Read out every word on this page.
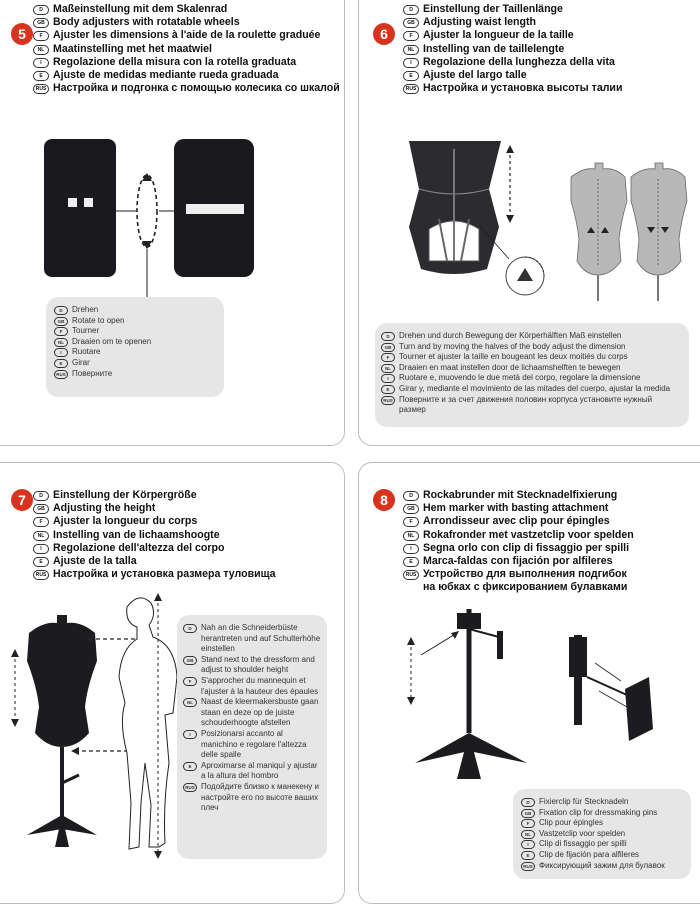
5
D Maßeinstellung mit dem Skalenrad
GB Body adjusters with rotatable wheels
F Ajuster les dimensions à l'aide de la roulette graduée
NL Maatinstelling met het maatwiel
I	Regolazione della misura con la rotella graduata
E Ajuste de medidas mediante rueda graduada
RUS Настройка и подгонка с помощью колесика со шкалой
D	Drehen
GB Rotate to open
F	Tourner
NL	Draaien om te openen
I	Ruotare
E	Girar
RUS Поверните
6
D Einstellung der Taillenlänge
GB Adjusting waist length
F Ajuster la longueur de la taille
NL Instelling van de taillelengte
I	Regolazione della lunghezza della vita
E Ajuste del largo talle
RUS Настройка и установка высоты талии
D	Drehen und durch Bewegung der Körperhälften Maß einstellen
GB Turn and by moving the halves of the body adjust the dimension
F	Tourner et ajuster la taille en bougeant les deux moitiés du corps
NL	Draaien en maat instellen door de lichaamshelften te bewegen
I	Ruotare e, muovendo le due metà del corpo, regolare la dimensione
E	Girar y, mediante el movimiento de las mitades del cuerpo, ajustar la medida
RUS Поверните и за счет движения половин корпуса установите нужный размер
7	D Einstellung der Körpergröße
GB Adjusting the height
F Ajuster la longueur du corps
NL Instelling van de lichaamshoogte
I	Regolazione dell'altezza del corpo
E Ajuste de la talla
RUS Настройка и установка размера туловища
D	Nah an die Schneiderbüste herantreten und auf Schulterhöhe einstellen
GB Stand next to the dressform and adjust to shoulder height
F	S'approcher du mannequin et l'ajuster à la hauteur des épaules
NL	Naast de kleermakersbuste gaan staan en deze op de juiste schouderhoogte afstellen
I	Posizionarsi accanto al manichino e regolare l'altezza delle spalle
E	Aproximarse al maniquí y ajustar a la altura del hombro
RUS Подойдите близко к манекену и настройте его по высоте ваших плеч
8	D Rockabrunder mit Stecknadelfixierung
GB Hem marker with basting attachment
F Arrondisseur avec clip pour épingles
NL Rokafronder met vastzetclip voor spelden
I	Segna orlo con clip di fissaggio per spilli
E Marca-faldas con fijación por alfileres
RUS Устройство для выполнения подгибок на юбках с фиксированием булавками
D	Fixierclip für Stecknadeln
GB Fixation clip for dressmaking pins
F	Clip pour épingles
NL	Vastzetclip voor spelden
I	Clip di fissaggio per spilli
E	Clip de fijación para alfileres
RUS Фиксирующий зажим для булавок
